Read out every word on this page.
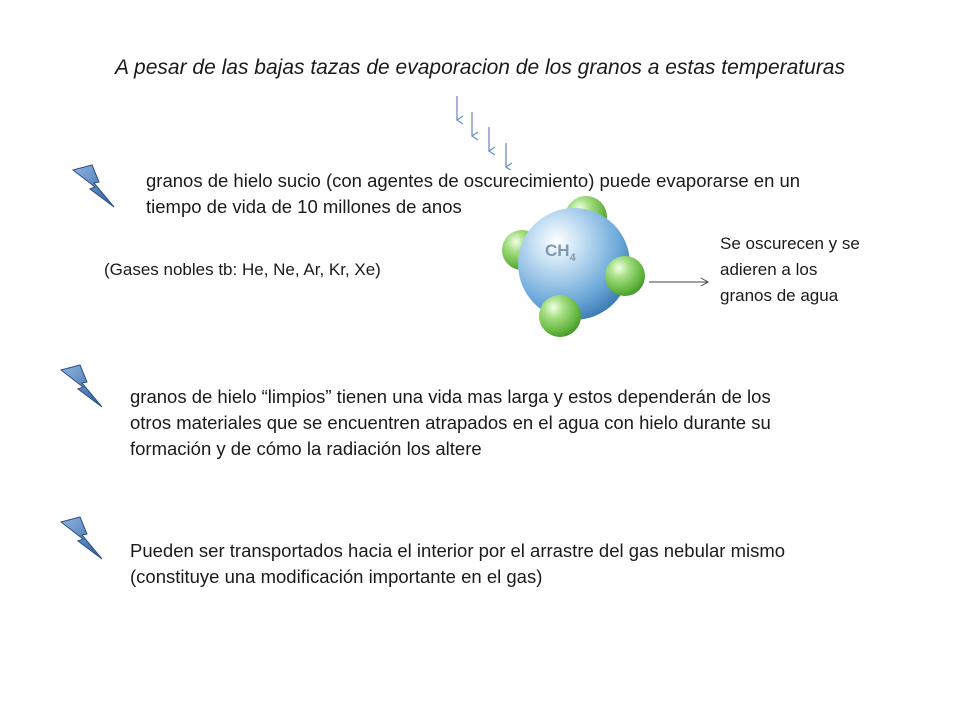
A pesar de las bajas tazas de evaporacion de los granos a estas temperaturas
granos de hielo sucio (con agentes de oscurecimiento) puede evaporarse en un
tiempo de vida de 10 millones de anos
(Gases nobles tb: He, Ne, Ar, Kr, Xe)
$CH_4$
Se oscurecen y se
adieren a los
granos de agua
granos de hielo “limpios” tienen una vida mas larga y estos dependerán de los
otros materiales que se encuentren atrapados en el agua con hielo durante su
formación y de cómo la radiación los altere
Pueden ser transportados hacia el interior por el arrastre del gas nebular mismo
(constituye una modificación importante en el gas)
